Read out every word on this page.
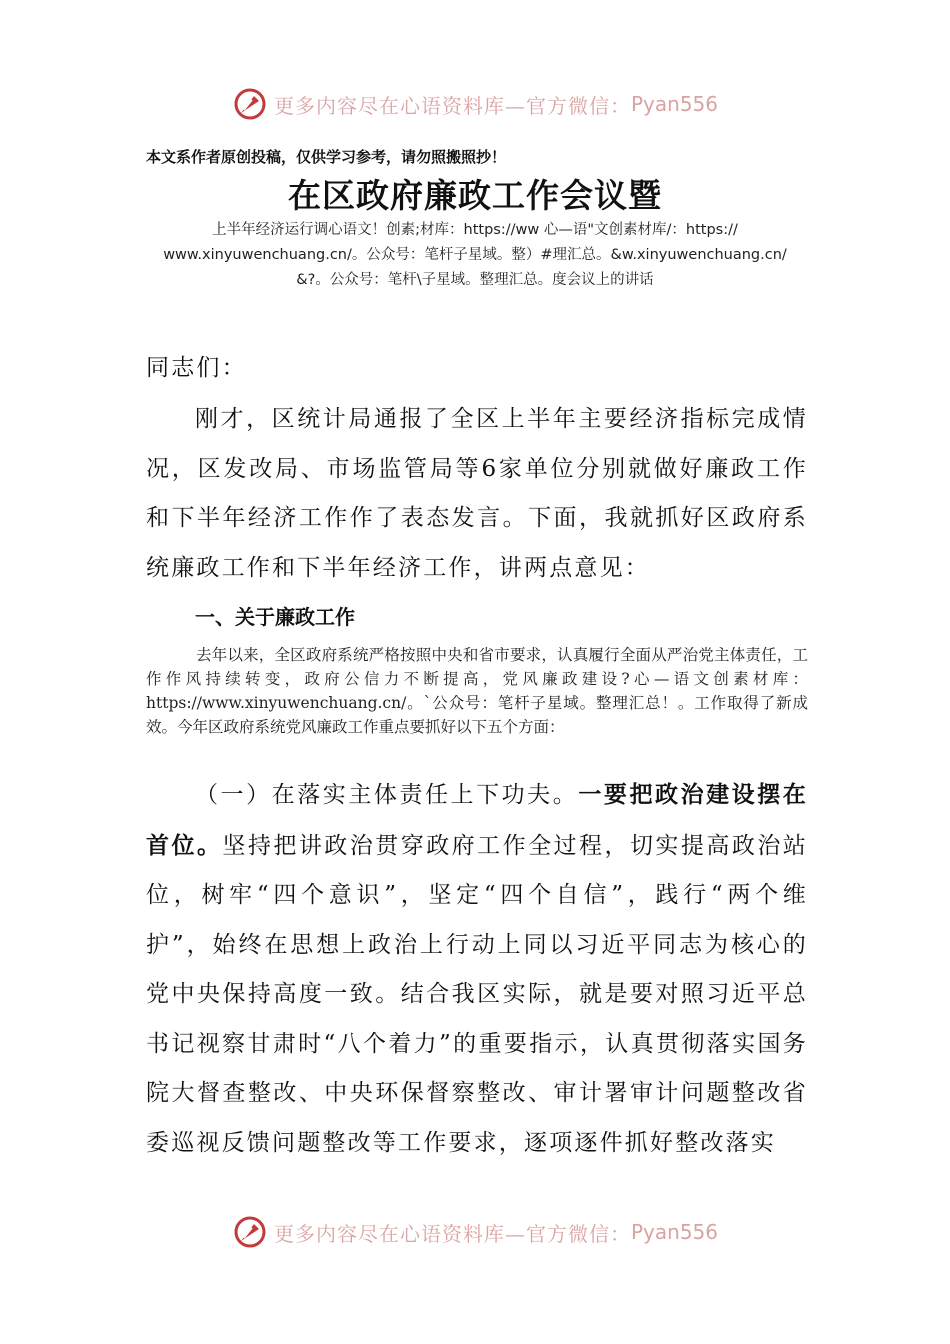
更多内容尽在心语资料库—官方微信： Pyan556
本文系作者原创投稿，仅供学习参考，请勿照搬照抄！
在区政府廉政工作会议暨
上半年经济运行调心语文！创素;材库：https://ww 心—语"文创素材库/：https://
www.xinyuwenchuang.cn/。公众号：笔杆子星域。整）#理汇总。&w.xinyuwenchuang.cn/
&?。公众号：笔杆\子星域。整理汇总。度会议上的讲话
同志们：
刚才，区统计局通报了全区上半年主要经济指标完成情况，区发改局、市场监管局等6家单位分别就做好廉政工作和下半年经济工作作了表态发言。下面，我就抓好区政府系统廉政工作和下半年经济工作，讲两点意见：
一、关于廉政工作
去年以来，全区政府系统严格按照中央和省市要求，认真履行全面从严治党主体责任，工作作风持续转变，政府公信力不断提高，党风廉政建设?心—语文创素材库：https://www.xinyuwenchuang.cn/。`公众号：笔杆子星域。整理汇总！。工作取得了新成效。今年区政府系统党风廉政工作重点要抓好以下五个方面：
（一）在落实主体责任上下功夫。一要把政治建设摆在首位。坚持把讲政治贯穿政府工作全过程，切实提高政治站位，树牢“四个意识”，坚定“四个自信”，践行“两个维护”，始终在思想上政治上行动上同以习近平同志为核心的党中央保持高度一致。结合我区实际，就是要对照习近平总书记视察甘肃时“八个着力”的重要指示，认真贯彻落实国务院大督查整改、中央环保督察整改、审计署审计问题整改省委巡视反馈问题整改等工作要求，逐项逐件抓好整改落实
更多内容尽在心语资料库—官方微信： Pyan556
